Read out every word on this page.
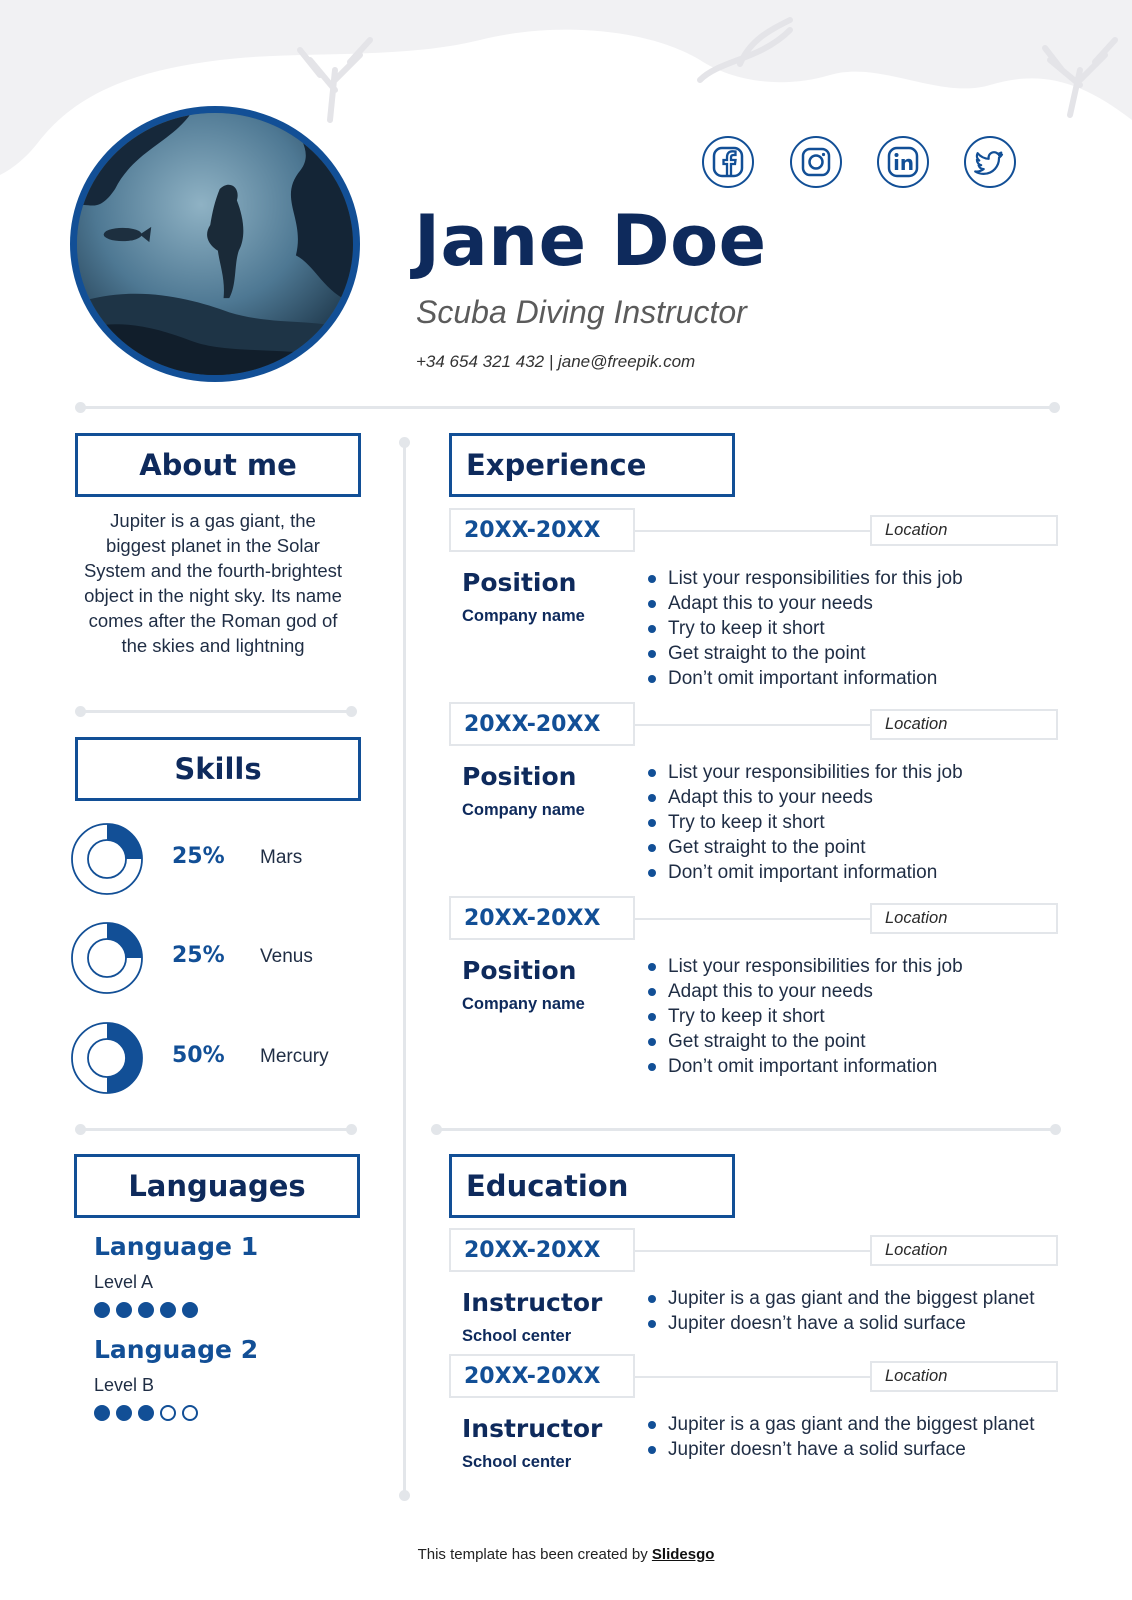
Jane Doe
Scuba Diving Instructor
+34 654 321 432 | jane@freepik.com
About me
Jupiter is a gas giant, the biggest planet in the Solar System and the fourth-brightest object in the night sky. Its name comes after the Roman god of the skies and lightning
Skills
25% Mars
25% Venus
50% Mercury
Languages
Language 1
Level A
Language 2
Level B
Experience
20XX-20XX	Location
Position
Company name
List your responsibilities for this job
Adapt this to your needs
Try to keep it short
Get straight to the point
Don’t omit important information
20XX-20XX	Location
Position
Company name
List your responsibilities for this job
Adapt this to your needs
Try to keep it short
Get straight to the point
Don’t omit important information
20XX-20XX	Location
Position
Company name
List your responsibilities for this job
Adapt this to your needs
Try to keep it short
Get straight to the point
Don’t omit important information
Education
20XX-20XX	Location
Instructor
School center
Jupiter is a gas giant and the biggest planet
Jupiter doesn’t have a solid surface
20XX-20XX	Location
Instructor
School center
Jupiter is a gas giant and the biggest planet
Jupiter doesn’t have a solid surface
This template has been created by Slidesgo
